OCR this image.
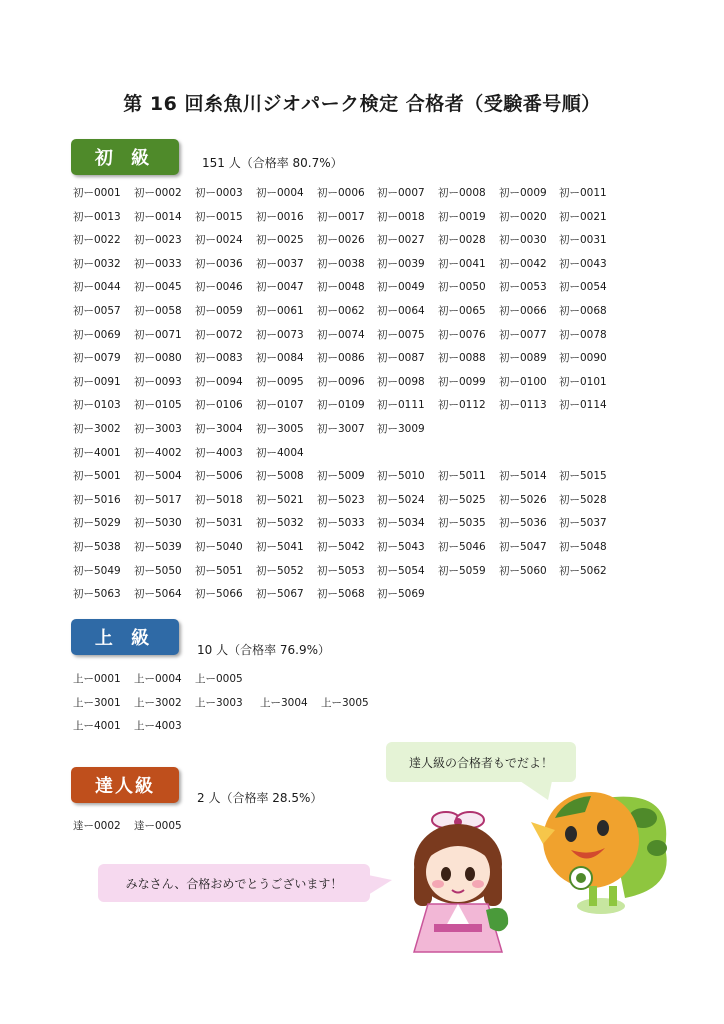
第 16 回糸魚川ジオパーク検定 合格者（受験番号順）
初 級	151 人（合格率 80.7%）
初ー0001 初ー0002 初ー0003 初ー0004 初ー0006 初ー0007 初ー0008 初ー0009 初ー0011
初ー0013 初ー0014 初ー0015 初ー0016 初ー0017 初ー0018 初ー0019 初ー0020 初ー0021
初ー0022 初ー0023 初ー0024 初ー0025 初ー0026 初ー0027 初ー0028 初ー0030 初ー0031
初ー0032 初ー0033 初ー0036 初ー0037 初ー0038 初ー0039 初ー0041 初ー0042 初ー0043
初ー0044 初ー0045 初ー0046 初ー0047 初ー0048 初ー0049 初ー0050 初ー0053 初ー0054
初ー0057 初ー0058 初ー0059 初ー0061 初ー0062 初ー0064 初ー0065 初ー0066 初ー0068
初ー0069 初ー0071 初ー0072 初ー0073 初ー0074 初ー0075 初ー0076 初ー0077 初ー0078
初ー0079 初ー0080 初ー0083 初ー0084 初ー0086 初ー0087 初ー0088 初ー0089 初ー0090
初ー0091 初ー0093 初ー0094 初ー0095 初ー0096 初ー0098 初ー0099 初ー0100 初ー0101
初ー0103 初ー0105 初ー0106 初ー0107 初ー0109 初ー0111 初ー0112 初ー0113 初ー0114
初ー3002 初ー3003 初ー3004 初ー3005 初ー3007 初ー3009
初ー4001 初ー4002 初ー4003 初ー4004
初ー5001 初ー5004 初ー5006 初ー5008 初ー5009 初ー5010 初ー5011 初ー5014 初ー5015
初ー5016 初ー5017 初ー5018 初ー5021 初ー5023 初ー5024 初ー5025 初ー5026 初ー5028
初ー5029 初ー5030 初ー5031 初ー5032 初ー5033 初ー5034 初ー5035 初ー5036 初ー5037
初ー5038 初ー5039 初ー5040 初ー5041 初ー5042 初ー5043 初ー5046 初ー5047 初ー5048
初ー5049 初ー5050 初ー5051 初ー5052 初ー5053 初ー5054 初ー5059 初ー5060 初ー5062
初ー5063 初ー5064 初ー5066 初ー5067 初ー5068 初ー5069
上 級
10 人（合格率 76.9%）
上ー0001 上ー0004 上ー0005
上ー3001 上ー3002 上ー3003 上ー3004 上ー3005
上ー4001 上ー4003
達人級
2 人（合格率 28.5%）
達ー0002 達ー0005
達人級の合格者もでだよ！
みなさん、合格おめでとうございます！
